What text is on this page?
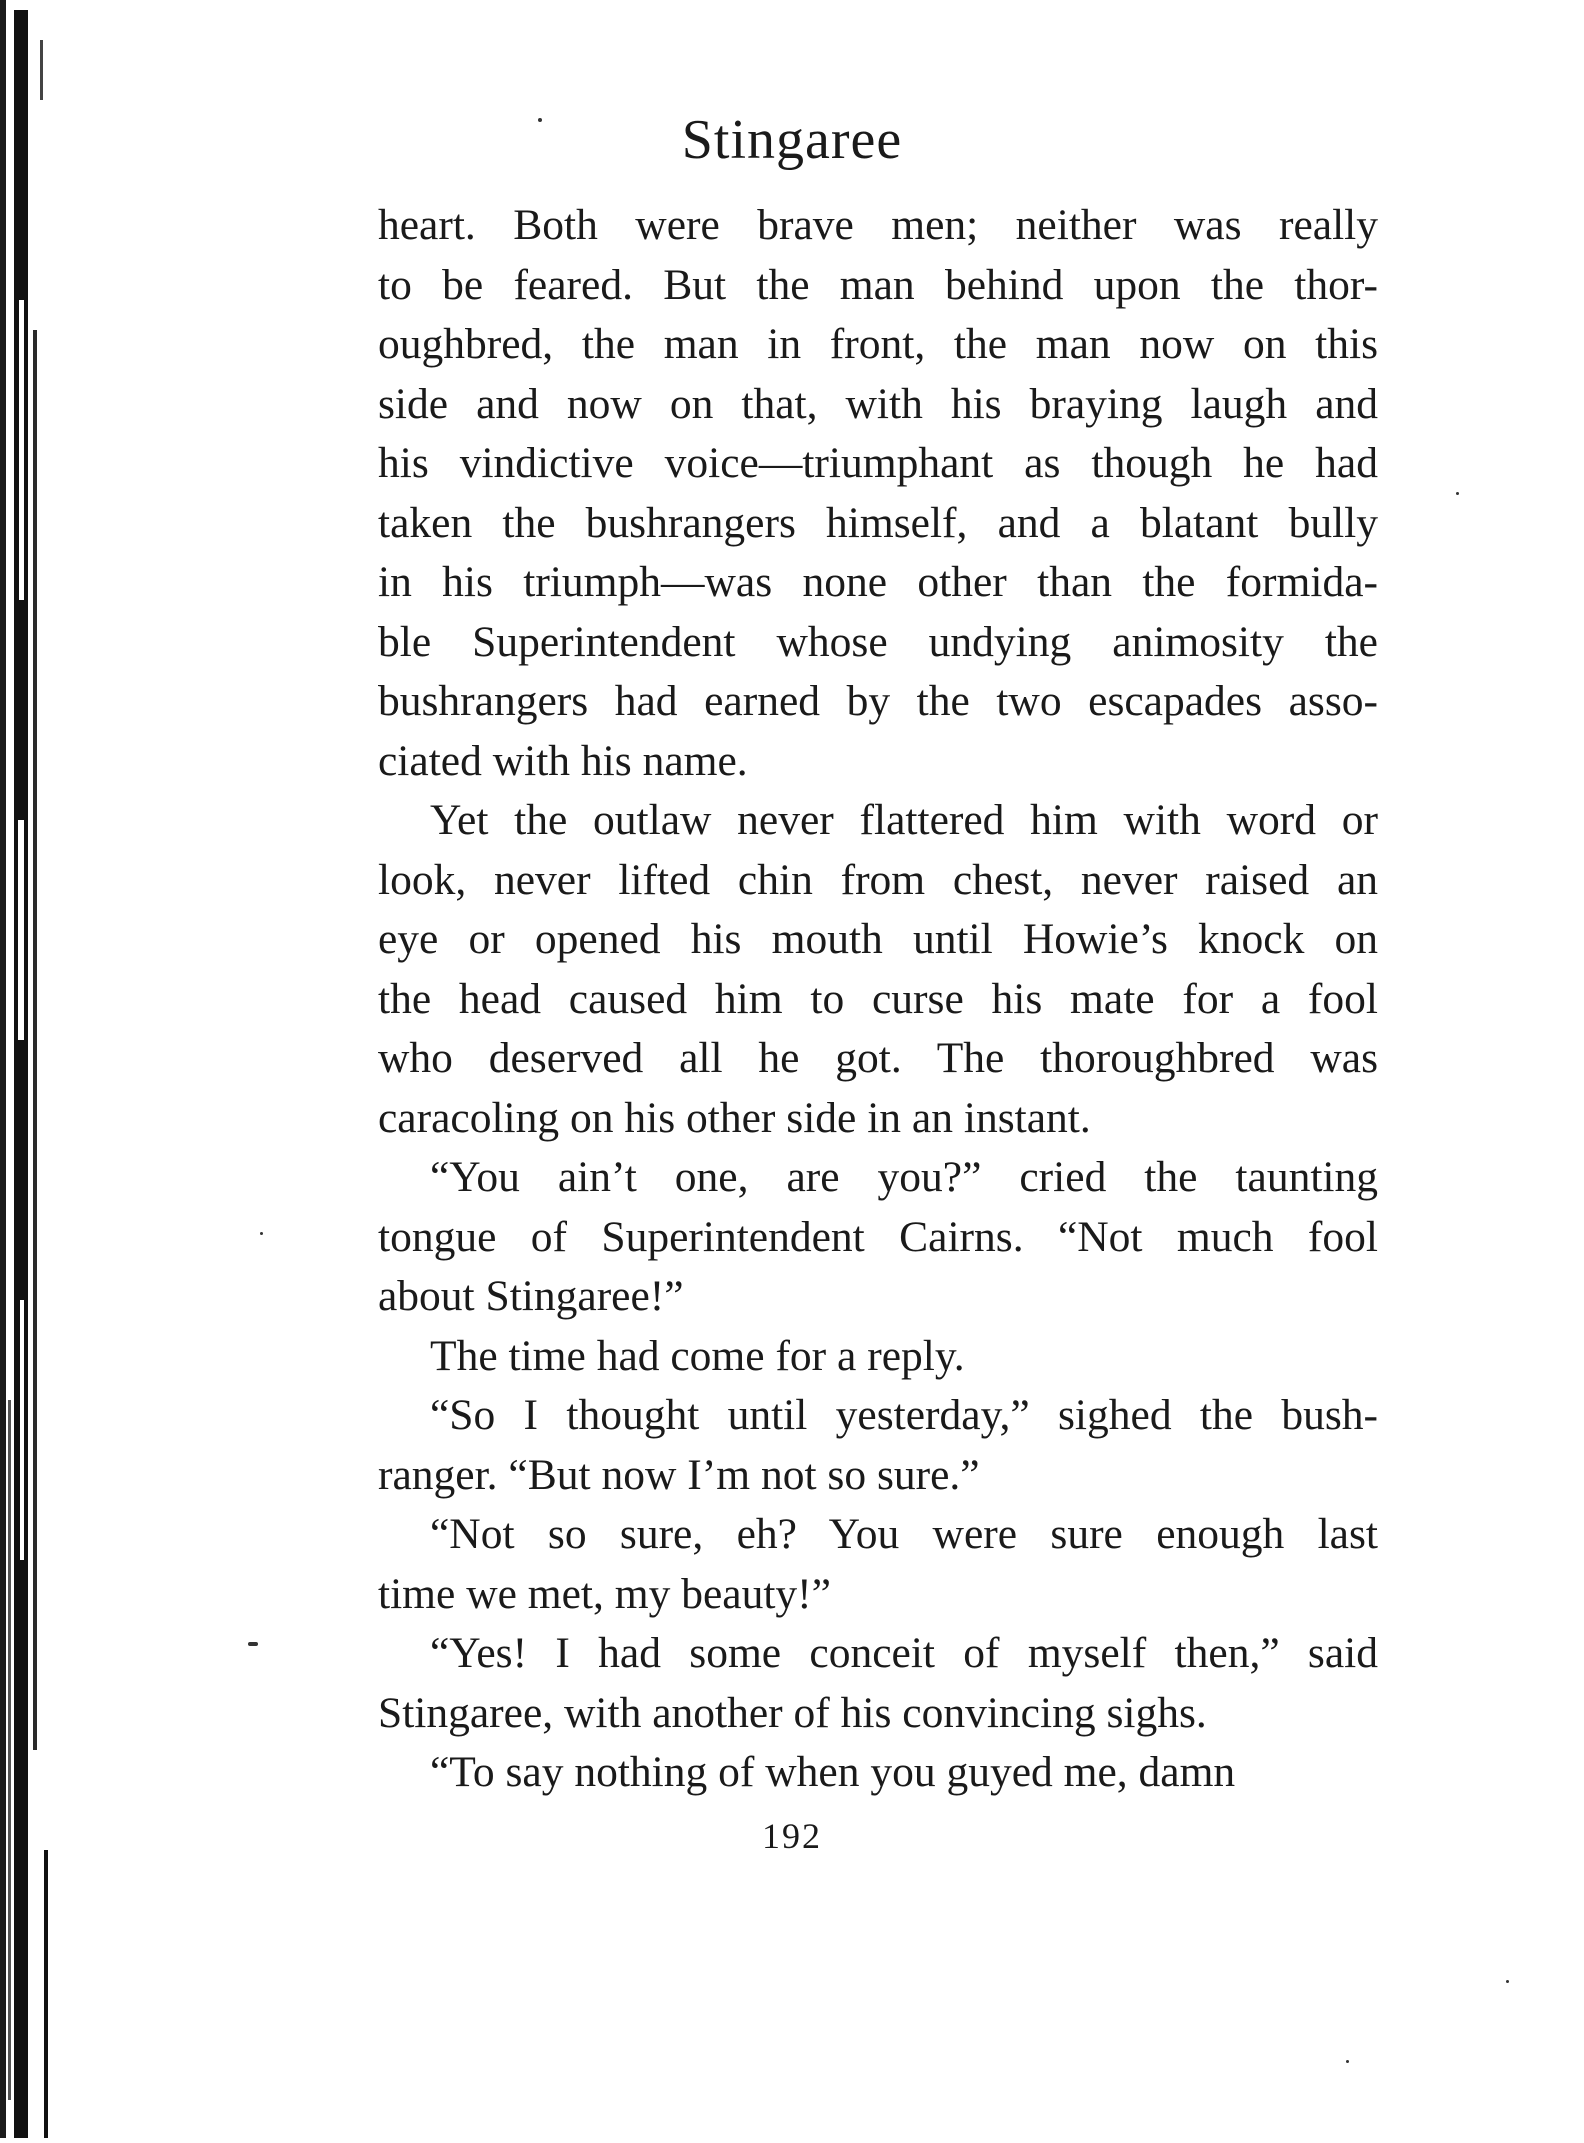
Stingaree
heart. Both were brave men; neither was really
to be feared. But the man behind upon the thor-
oughbred, the man in front, the man now on this
side and now on that, with his braying laugh and
his vindictive voice—triumphant as though he had
taken the bushrangers himself, and a blatant bully
in his triumph—was none other than the formida-
ble Superintendent whose undying animosity the
bushrangers had earned by the two escapades asso-
ciated with his name.
Yet the outlaw never flattered him with word or
look, never lifted chin from chest, never raised an
eye or opened his mouth until Howie’s knock on
the head caused him to curse his mate for a fool
who deserved all he got. The thoroughbred was
caracoling on his other side in an instant.
“You ain’t one, are you?” cried the taunting
tongue of Superintendent Cairns. “Not much fool
about Stingaree!”
The time had come for a reply.
“So I thought until yesterday,” sighed the bush-
ranger. “But now I’m not so sure.”
“Not so sure, eh? You were sure enough last
time we met, my beauty!”
“Yes! I had some conceit of myself then,” said
Stingaree, with another of his convincing sighs.
“To say nothing of when you guyed me, damn
192
